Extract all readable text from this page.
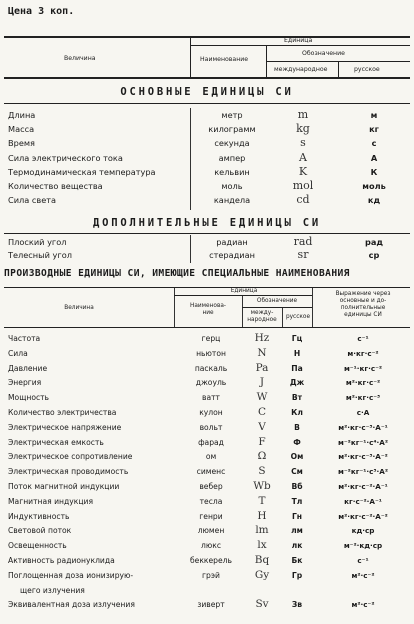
Цена 3 коп.
Величина
Единица
Наименование
Обозначение
международное	русское
ОСНОВНЫЕ ЕДИНИЦЫ СИ
Длина	метр	m	м
Масса	килограмм	kg	кг
Время	секунда	s	с
Сила электрического тока	ампер	A	А
Термодинамическая температура	кельвин	K	К
Количество вещества	моль	mol	моль
Сила света	кандела	cd	кд
ДОПОЛНИТЕЛЬНЫЕ ЕДИНИЦЫ СИ
Плоский угол	радиан	rad	рад
Телесный угол	стерадиан	sr	ср
ПРОИЗВОДНЫЕ ЕДИНИЦЫ СИ, ИМЕЮЩИЕ СПЕЦИАЛЬНЫЕ НАИМЕНОВАНИЯ
Величина
Единица
Наименова-
ние
Обозначение
между-
народное	русское
Выражение через
основные и до-
полнительные
единицы СИ
Частота	герц	Hz	Гц	с⁻¹
Сила	ньютон	N	Н	м·кг·с⁻²
Давление	паскаль	Pa	Па	м⁻¹·кг·с⁻²
Энергия	джоуль	J	Дж	м²·кг·с⁻²
Мощность	ватт	W	Вт	м²·кг·с⁻³
Количество электричества	кулон	C	Кл	с·А
Электрическое напряжение	вольт	V	В	м²·кг·с⁻³·А⁻¹
Электрическая емкость	фарад	F	Ф	м⁻²кг⁻¹·с⁴·А²
Электрическое сопротивление	ом	Ω	Ом	м²·кг·с⁻³·А⁻²
Электрическая проводимость	сименс	S	См	м⁻²кг⁻¹·с³·А²
Поток магнитной индукции	вебер	Wb	Вб	м²·кг·с⁻²·А⁻¹
Магнитная индукция	тесла	T	Тл	кг·с⁻²·А⁻¹
Индуктивность	генри	H	Гн	м²·кг·с⁻²·А⁻²
Световой поток	люмен	lm	лм	кд·ср
Освещенность	люкс	lx	лк	м⁻²·кд·ср
Активность радионуклида	беккерель	Bq	Бк	с⁻¹
Поглощенная доза ионизирую-	грэй	Gy	Гр	м²·с⁻²
щего излучения
Эквивалентная доза излучения	зиверт	Sv	Зв	м²·с⁻²
